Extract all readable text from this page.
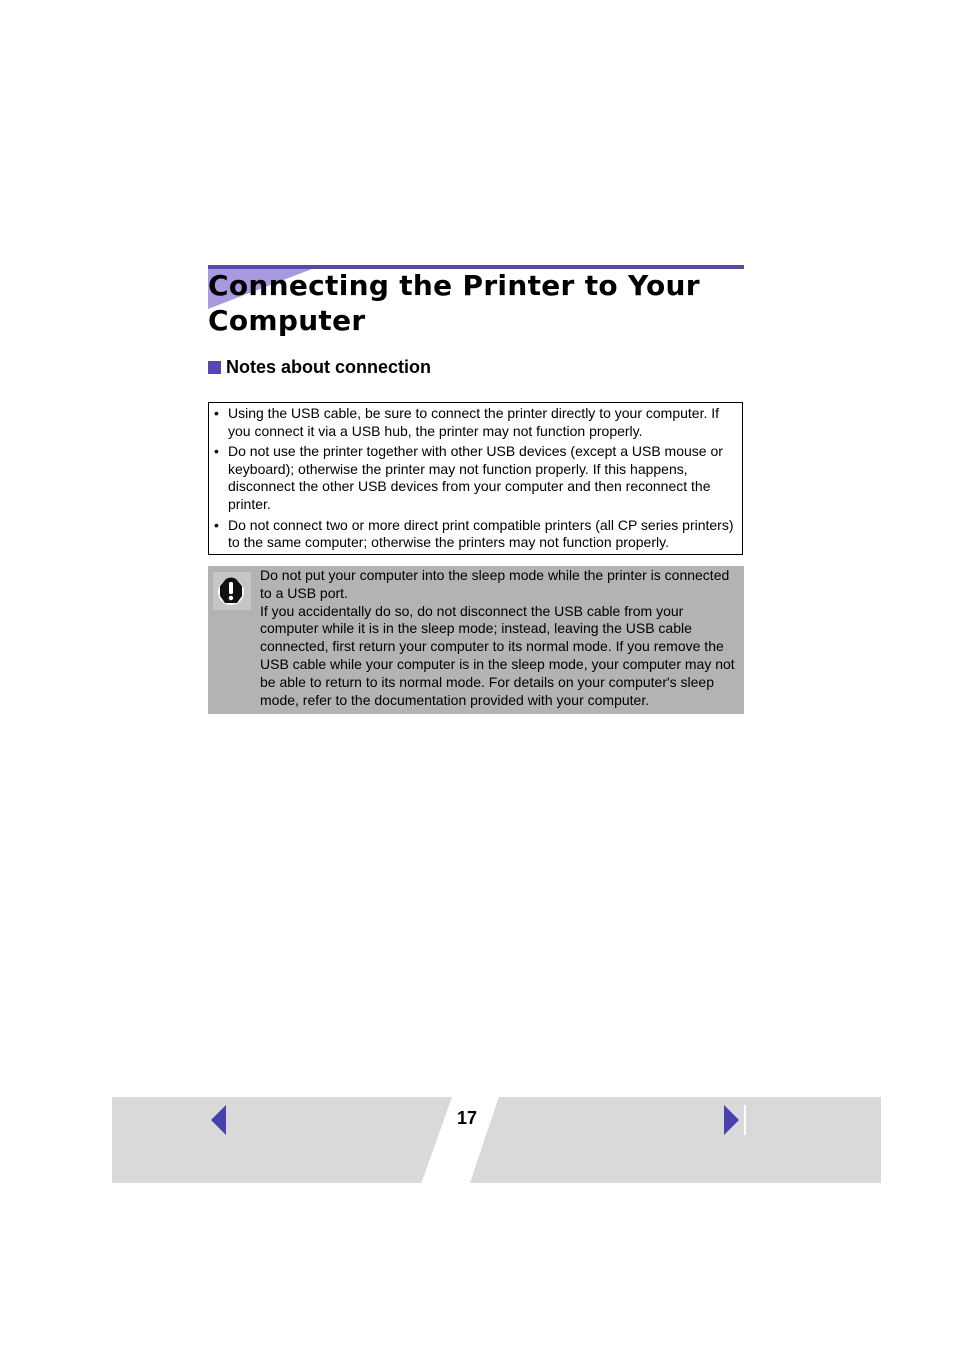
Connecting the Printer to Your Computer
Notes about connection
• Using the USB cable, be sure to connect the printer directly to your computer. If you connect it via a USB hub, the printer may not function properly.
• Do not use the printer together with other USB devices (except a USB mouse or keyboard); otherwise the printer may not function properly. If this happens, disconnect the other USB devices from your computer and then reconnect the printer.
• Do not connect two or more direct print compatible printers (all CP series printers) to the same computer; otherwise the printers may not function properly.

Do not put your computer into the sleep mode while the printer is connected to a USB port.

If you accidentally do so, do not disconnect the USB cable from your computer while it is in the sleep mode; instead, leaving the USB cable connected, first return your computer to its normal mode. If you remove the USB cable while your computer is in the sleep mode, your computer may not be able to return to its normal mode. For details on your computer's sleep mode, refer to the documentation provided with your computer.

17
